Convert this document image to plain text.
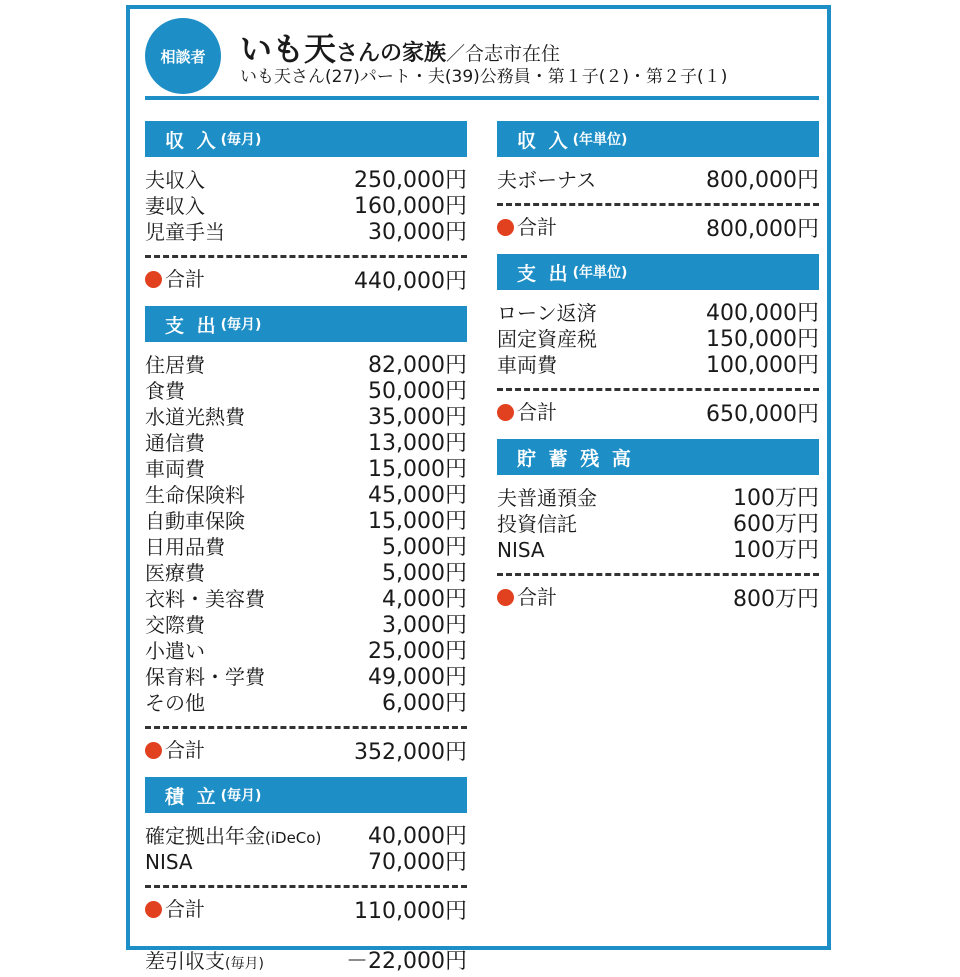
相談者	いも天さんの家族／合志市在住
いも天さん(27)パート・夫(39)公務員・第１子(２)・第２子(１)
収 入 (毎月)
夫収入	250,000円
妻収入	160,000円
児童手当	30,000円
合計	440,000円
支 出 (毎月)
住居費	82,000円
食費	50,000円
水道光熱費	35,000円
通信費	13,000円
車両費	15,000円
生命保険料	45,000円
自動車保険	15,000円
日用品費	5,000円
医療費	5,000円
衣料・美容費	4,000円
交際費	3,000円
小遣い	25,000円
保育料・学費	49,000円
その他	6,000円
合計	352,000円
積 立 (毎月)
確定拠出年金(iDeCo) 40,000円
NISA	70,000円
合計	110,000円
差引収支(毎月)	－22,000円
収 入 (年単位)
夫ボーナス	800,000円
合計	800,000円
支 出 (年単位)
ローン返済	400,000円
固定資産税	150,000円
車両費	100,000円
合計	650,000円
貯 蓄 残 高
夫普通預金	100万円
投資信託	600万円
NISA	100万円
合計	800万円
